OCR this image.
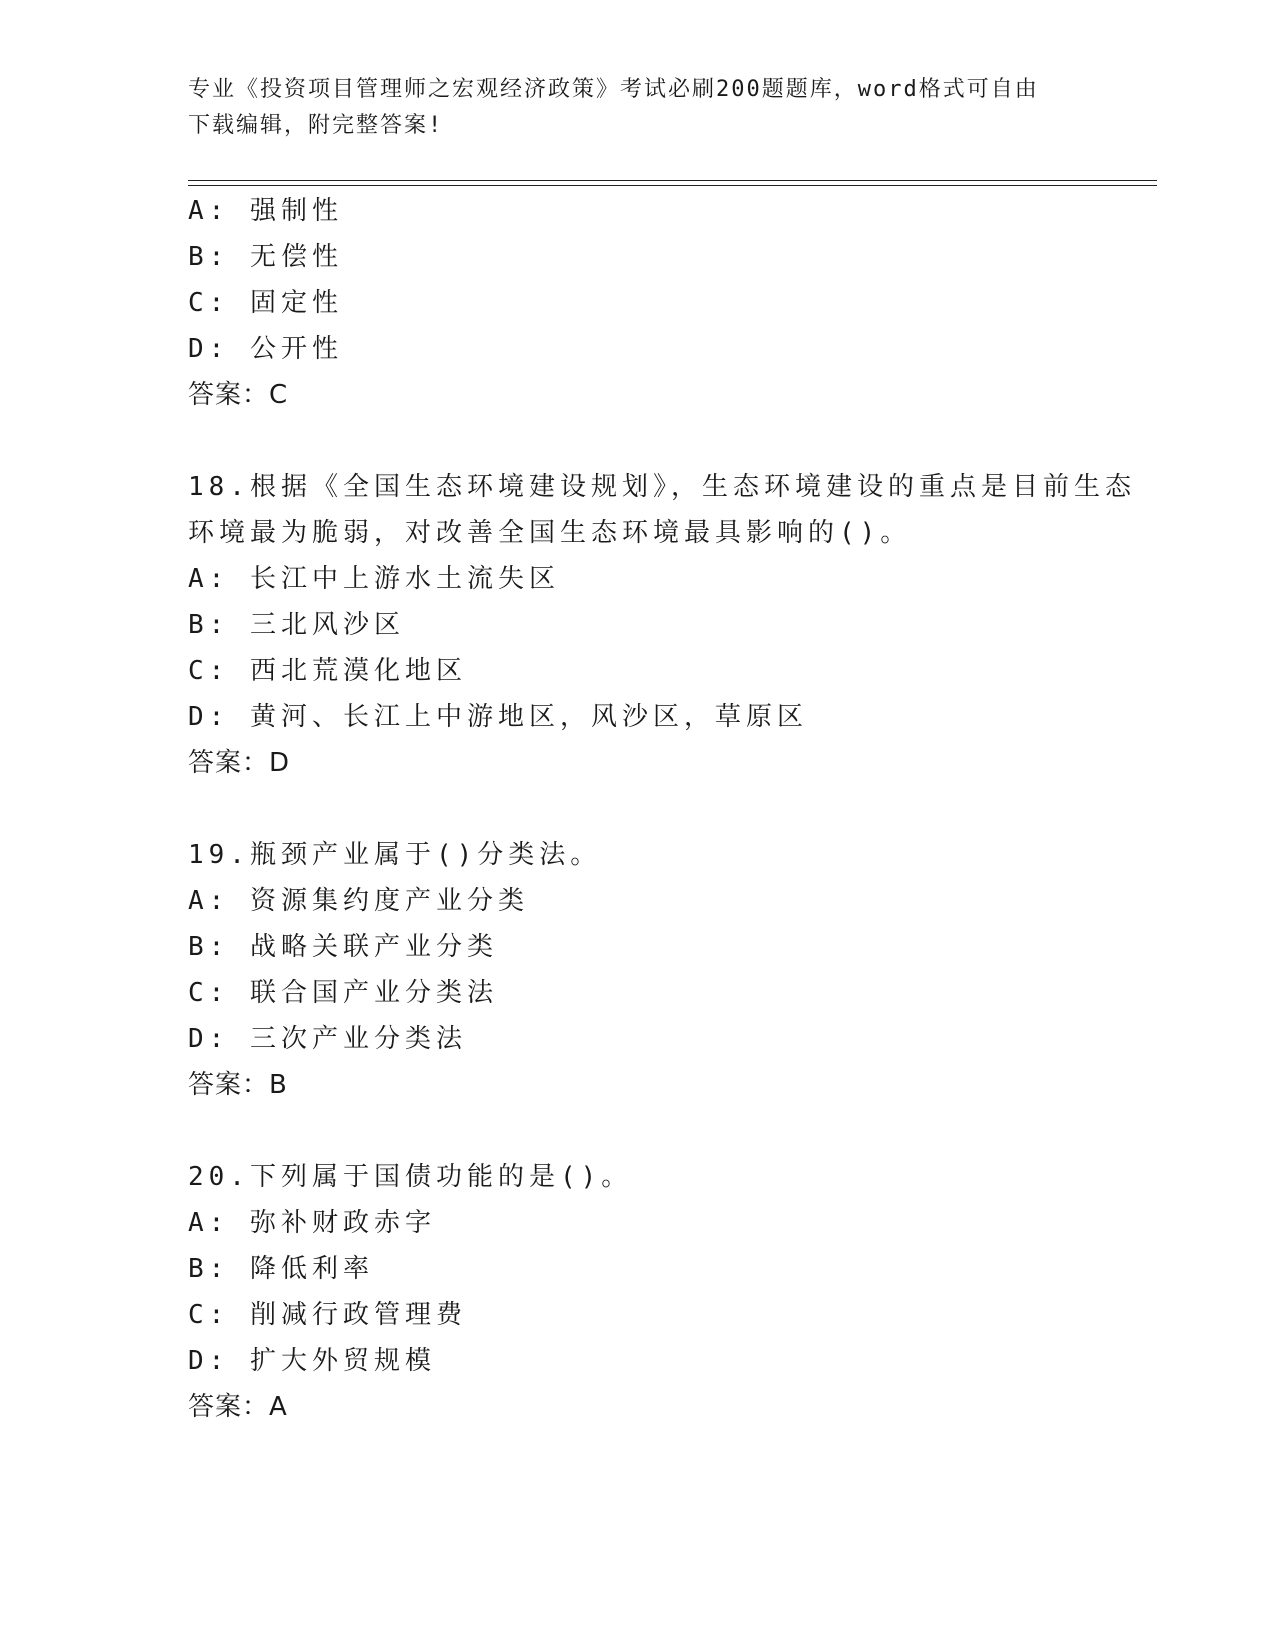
专业《投资项目管理师之宏观经济政策》考试必刷200题题库，word格式可自由
下载编辑，附完整答案!
A: 强制性
B: 无偿性
C: 固定性
D: 公开性
答案：C
18.根据《全国生态环境建设规划》，生态环境建设的重点是目前生态
环境最为脆弱，对改善全国生态环境最具影响的()。
A: 长江中上游水土流失区
B: 三北风沙区
C: 西北荒漠化地区
D: 黄河、长江上中游地区，风沙区，草原区
答案：D
19.瓶颈产业属于()分类法。
A: 资源集约度产业分类
B: 战略关联产业分类
C: 联合国产业分类法
D: 三次产业分类法
答案：B
20.下列属于国债功能的是()。
A: 弥补财政赤字
B: 降低利率
C: 削减行政管理费
D: 扩大外贸规模
答案：A
